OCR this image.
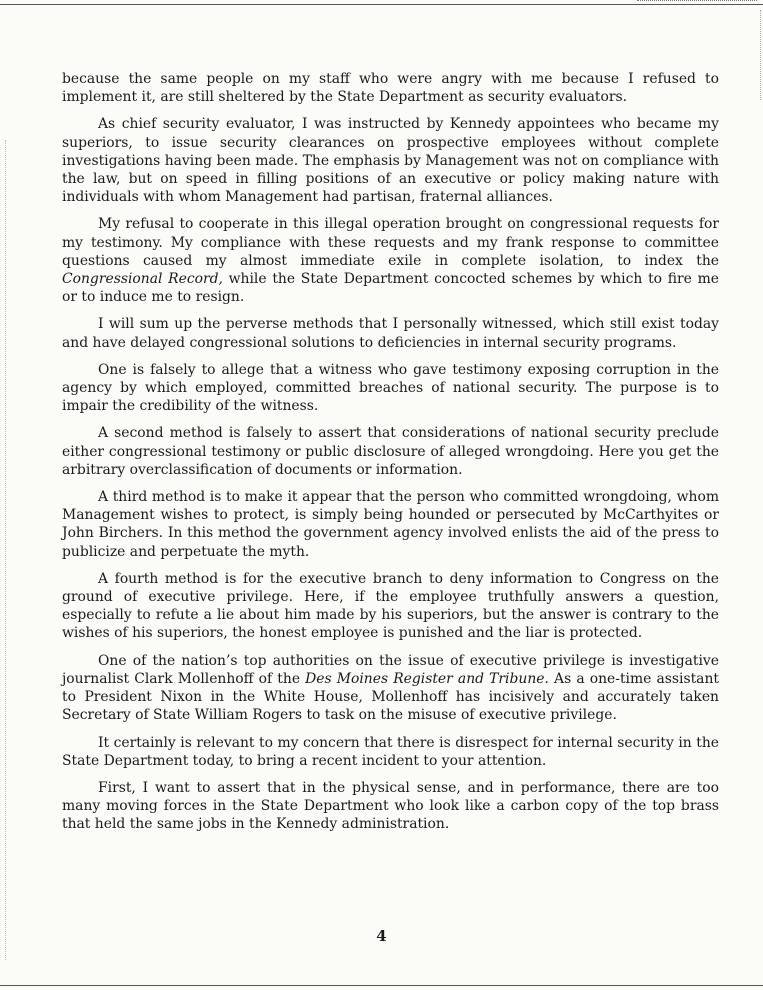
because the same people on my staff who were angry with me because I refused to implement it, are still sheltered by the State Department as security evaluators.

As chief security evaluator, I was instructed by Kennedy appointees who became my superiors, to issue security clearances on prospective employees without complete investigations having been made. The emphasis by Management was not on compliance with the law, but on speed in filling positions of an executive or policy making nature with individuals with whom Management had partisan, fraternal alliances.

My refusal to cooperate in this illegal operation brought on congressional requests for my testimony. My compliance with these requests and my frank response to committee questions caused my almost immediate exile in complete isolation, to index the Congressional Record, while the State Department concocted schemes by which to fire me or to induce me to resign.

I will sum up the perverse methods that I personally witnessed, which still exist today and have delayed congressional solutions to deficiencies in internal security programs.

One is falsely to allege that a witness who gave testimony exposing corruption in the agency by which employed, committed breaches of national security. The purpose is to impair the credibility of the witness.

A second method is falsely to assert that considerations of national security preclude either congressional testimony or public disclosure of alleged wrongdoing. Here you get the arbitrary overclassification of documents or information.

A third method is to make it appear that the person who committed wrongdoing, whom Management wishes to protect, is simply being hounded or persecuted by McCarthyites or John Birchers. In this method the government agency involved enlists the aid of the press to publicize and perpetuate the myth.

A fourth method is for the executive branch to deny information to Congress on the ground of executive privilege. Here, if the employee truthfully answers a question, especially to refute a lie about him made by his superiors, but the answer is contrary to the wishes of his superiors, the honest employee is punished and the liar is protected.

One of the nation’s top authorities on the issue of executive privilege is investigative journalist Clark Mollenhoff of the Des Moines Register and Tribune. As a one-time assistant to President Nixon in the White House, Mollenhoff has incisively and accurately taken Secretary of State William Rogers to task on the misuse of executive privilege.

It certainly is relevant to my concern that there is disrespect for internal security in the State Department today, to bring a recent incident to your attention.

First, I want to assert that in the physical sense, and in performance, there are too many moving forces in the State Department who look like a carbon copy of the top brass that held the same jobs in the Kennedy administration.

4
